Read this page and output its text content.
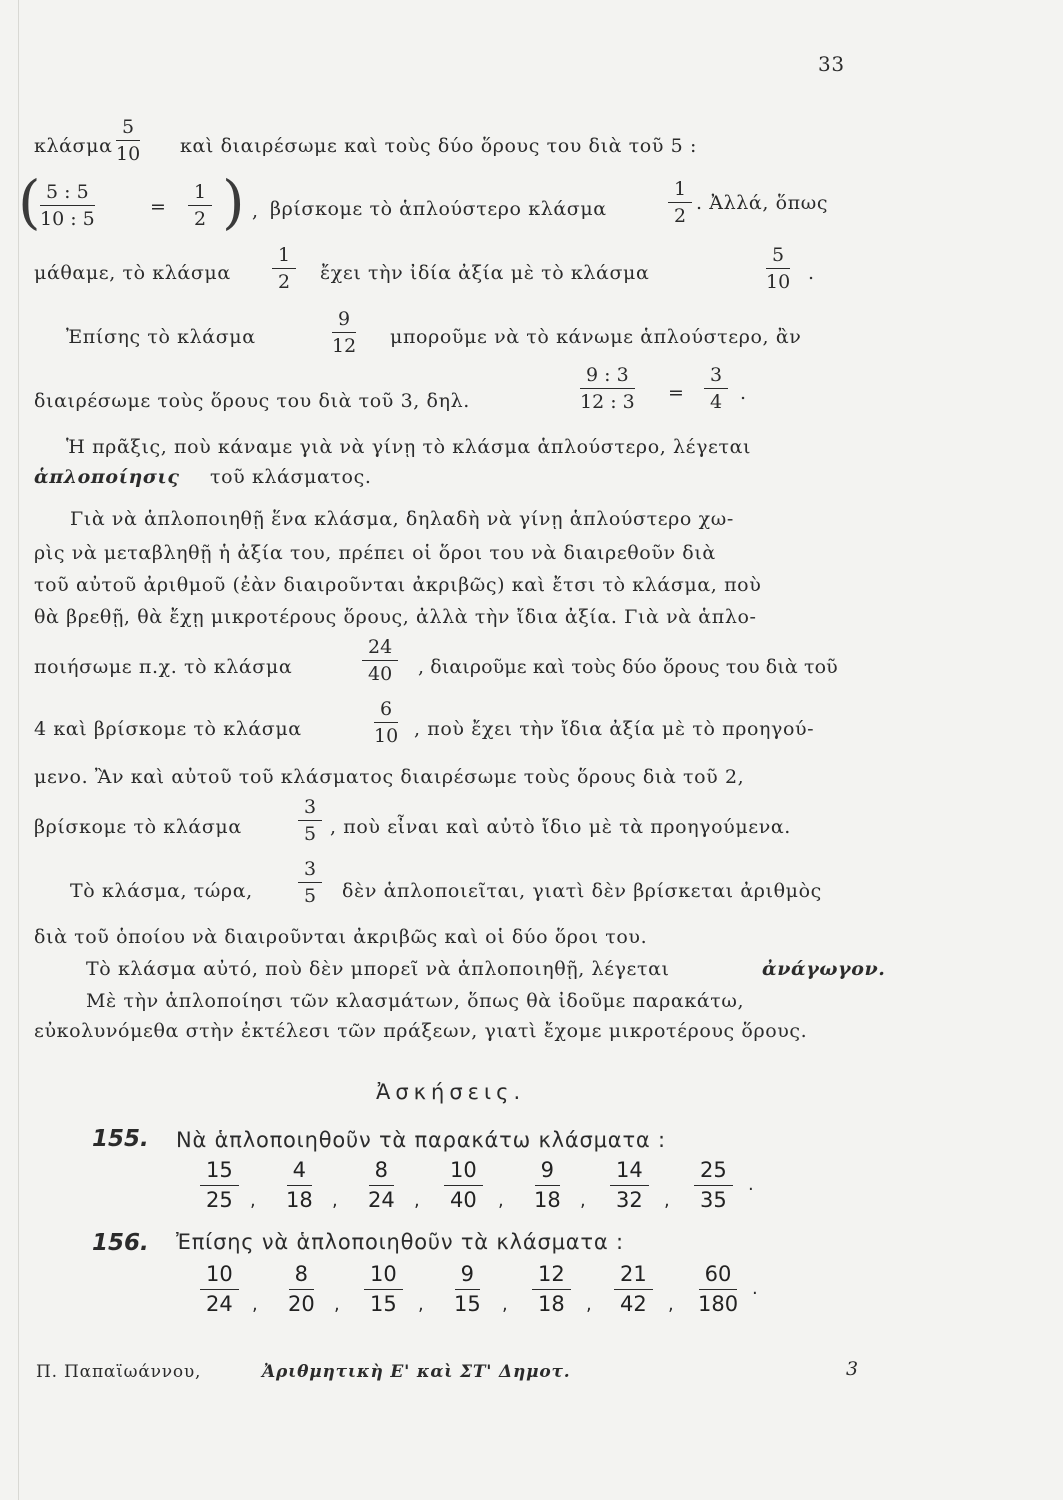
33
κλάσμα
$\frac{5}{10}$ καὶ διαιρέσωμε καὶ τοὺς δύο ὅρους του διὰ τοῦ 5 :
(
$\frac{5 : 5}{10 : 5}$	= $\frac{1}{2}$ ) , βρίσκομε τὸ ἁπλούστερο κλάσμα	$\frac{1}{2}$ . Ἀλλά, ὅπως
μάθαμε, τὸ κλάσμα $\frac{1}{2}$ ἔχει τὴν ἰδία ἀξία μὲ τὸ κλάσμα	$\frac{5}{10}$ .
Ἐπίσης τὸ κλάσμα	$\frac{9}{12}$ μποροῦμε νὰ τὸ κάνωμε ἁπλούστερο, ἂν
διαιρέσωμε τοὺς ὅρους του διὰ τοῦ 3, δηλ.	$\frac{9 : 3}{12 : 3} = \frac{3}{4}$ .
Ἡ πρᾶξις, ποὺ κάναμε γιὰ νὰ γίνῃ τὸ κλάσμα ἁπλούστερο, λέγεται
ἁπλοποίησις τοῦ κλάσματος.
Γιὰ νὰ ἁπλοποιηθῇ ἕνα κλάσμα, δηλαδὴ νὰ γίνῃ ἁπλούστερο χω-
ρὶς νὰ μεταβληθῇ ἡ ἀξία του, πρέπει οἱ ὅροι του νὰ διαιρεθοῦν διὰ
τοῦ αὐτοῦ ἀριθμοῦ (ἐὰν διαιροῦνται ἀκριβῶς) καὶ ἔτσι τὸ κλάσμα, ποὺ
θὰ βρεθῇ, θὰ ἔχῃ μικροτέρους ὅρους, ἀλλὰ τὴν ἴδια ἀξία. Γιὰ νὰ ἁπλο-
ποιήσωμε π.χ. τὸ κλάσμα	$\frac{24}{40}$ , διαιροῦμε καὶ τοὺς δύο ὅρους του διὰ τοῦ
4 καὶ βρίσκομε τὸ κλάσμα	$\frac{6}{10}$ , ποὺ ἔχει τὴν ἴδια ἀξία μὲ τὸ προηγού-
μενο. Ἂν καὶ αὐτοῦ τοῦ κλάσματος διαιρέσωμε τοὺς ὅρους διὰ τοῦ 2,
βρίσκομε τὸ κλάσμα	$\frac{3}{5}$ , ποὺ εἶναι καὶ αὐτὸ ἴδιο μὲ τὰ προηγούμενα.
Τὸ κλάσμα, τώρα, $\frac{3}{5}$ δὲν ἁπλοποιεῖται, γιατὶ δὲν βρίσκεται ἀριθμὸς
διὰ τοῦ ὁποίου νὰ διαιροῦνται ἀκριβῶς καὶ οἱ δύο ὅροι του.
Τὸ κλάσμα αὐτό, ποὺ δὲν μπορεῖ νὰ ἁπλοποιηθῇ, λέγεται	ἀνάγωγον.
Μὲ τὴν ἁπλοποίησι τῶν κλασμάτων, ὅπως θὰ ἰδοῦμε παρακάτω,
εὐκολυνόμεθα στὴν ἐκτέλεσι τῶν πράξεων, γιατὶ ἔχομε μικροτέρους ὅρους.
Ἀσκήσεις.
155. Νὰ ἁπλοποιηθοῦν τὰ παρακάτω κλάσματα :
$\frac{15}{25}$ , $\frac{4}{18}$ , $\frac{8}{24}$ , $\frac{10}{40}$ , $\frac{9}{18}$ , $\frac{14}{32}$ , $\frac{25}{35}$ .
156. Ἐπίσης νὰ ἁπλοποιηθοῦν τὰ κλάσματα :
$\frac{10}{24}$ , $\frac{8}{20}$ , $\frac{10}{15}$ , $\frac{9}{15}$ , $\frac{12}{18}$ , $\frac{21}{42}$ , $\frac{60}{180}$ .
Π. Παπαϊωάννου,	Ἀριθμητικὴ Ε' καὶ ΣΤ' Δημοτ.	3
